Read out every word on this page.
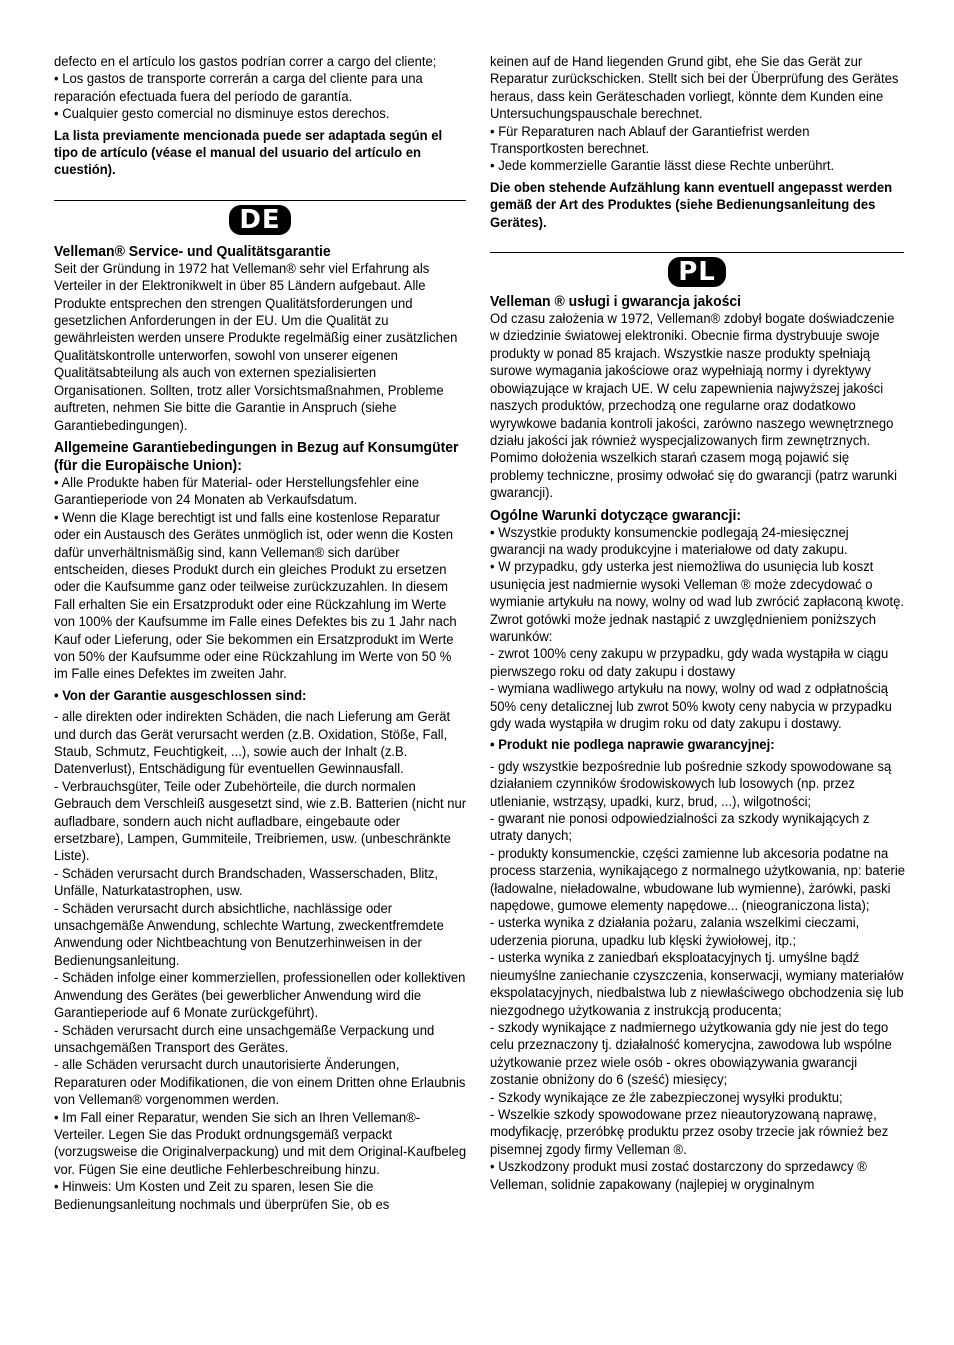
defecto en el artículo los gastos podrían correr a cargo del cliente;

• Los gastos de transporte correrán a carga del cliente para una reparación efectuada fuera del período de garantía.

• Cualquier gesto comercial no disminuye estos derechos.

La lista previamente mencionada puede ser adaptada según el tipo de artículo (véase el manual del usuario del artículo en cuestión).

DE

Velleman® Service- und Qualitätsgarantie

Seit der Gründung in 1972 hat Velleman® sehr viel Erfahrung als Verteiler in der Elektronikwelt in über 85 Ländern aufgebaut. Alle Produkte entsprechen den strengen Qualitätsforderungen und gesetzlichen Anforderungen in der EU. Um die Qualität zu gewährleisten werden unsere Produkte regelmäßig einer zusätzlichen Qualitätskontrolle unterworfen, sowohl von unserer eigenen Qualitätsabteilung als auch von externen spezialisierten Organisationen. Sollten, trotz aller Vorsichtsmaßnahmen, Probleme auftreten, nehmen Sie bitte die Garantie in Anspruch (siehe Garantiebedingungen).

Allgemeine Garantiebedingungen in Bezug auf Konsumgüter (für die Europäische Union):

• Alle Produkte haben für Material- oder Herstellungsfehler eine Garantieperiode von 24 Monaten ab Verkaufsdatum.

• Wenn die Klage berechtigt ist und falls eine kostenlose Reparatur oder ein Austausch des Gerätes unmöglich ist, oder wenn die Kosten dafür unverhältnismäßig sind, kann Velleman® sich darüber entscheiden, dieses Produkt durch ein gleiches Produkt zu ersetzen oder die Kaufsumme ganz oder teilweise zurückzuzahlen. In diesem Fall erhalten Sie ein Ersatzprodukt oder eine Rückzahlung im Werte von 100% der Kaufsumme im Falle eines Defektes bis zu 1 Jahr nach Kauf oder Lieferung, oder Sie bekommen ein Ersatzprodukt im Werte von 50% der Kaufsumme oder eine Rückzahlung im Werte von 50 % im Falle eines Defektes im zweiten Jahr.

• Von der Garantie ausgeschlossen sind:

- alle direkten oder indirekten Schäden, die nach Lieferung am Gerät und durch das Gerät verursacht werden (z.B. Oxidation, Stöße, Fall, Staub, Schmutz, Feuchtigkeit, ...), sowie auch der Inhalt (z.B. Datenverlust), Entschädigung für eventuellen Gewinnausfall.

- Verbrauchsgüter, Teile oder Zubehörteile, die durch normalen Gebrauch dem Verschleiß ausgesetzt sind, wie z.B. Batterien (nicht nur aufladbare, sondern auch nicht aufladbare, eingebaute oder ersetzbare), Lampen, Gummiteile, Treibriemen, usw. (unbeschränkte Liste).

- Schäden verursacht durch Brandschaden, Wasserschaden, Blitz, Unfälle, Naturkatastrophen, usw.

- Schäden verursacht durch absichtliche, nachlässige oder unsachgemäße Anwendung, schlechte Wartung, zweckentfremdete Anwendung oder Nichtbeachtung von Benutzerhinweisen in der Bedienungsanleitung.

- Schäden infolge einer kommerziellen, professionellen oder kollektiven Anwendung des Gerätes (bei gewerblicher Anwendung wird die Garantieperiode auf 6 Monate zurückgeführt).

- Schäden verursacht durch eine unsachgemäße Verpackung und unsachgemäßen Transport des Gerätes.

- alle Schäden verursacht durch unautorisierte Änderungen, Reparaturen oder Modifikationen, die von einem Dritten ohne Erlaubnis von Velleman® vorgenommen werden.

• Im Fall einer Reparatur, wenden Sie sich an Ihren Velleman®-Verteiler. Legen Sie das Produkt ordnungsgemäß verpackt (vorzugsweise die Originalverpackung) und mit dem Original-Kaufbeleg vor. Fügen Sie eine deutliche Fehlerbeschreibung hinzu.

• Hinweis: Um Kosten und Zeit zu sparen, lesen Sie die Bedienungsanleitung nochmals und überprüfen Sie, ob es

keinen auf de Hand liegenden Grund gibt, ehe Sie das Gerät zur Reparatur zurückschicken. Stellt sich bei der Überprüfung des Gerätes heraus, dass kein Geräteschaden vorliegt, könnte dem Kunden eine Untersuchungspauschale berechnet.

• Für Reparaturen nach Ablauf der Garantiefrist werden Transportkosten berechnet.

• Jede kommerzielle Garantie lässt diese Rechte unberührt.

Die oben stehende Aufzählung kann eventuell angepasst werden gemäß der Art des Produktes (siehe Bedienungsanleitung des Gerätes).

PL

Velleman ® usługi i gwarancja jakości

Od czasu założenia w 1972, Velleman® zdobył bogate doświadczenie w dziedzinie światowej elektroniki. Obecnie firma dystrybuuje swoje produkty w ponad 85 krajach. Wszystkie nasze produkty spełniają surowe wymagania jakościowe oraz wypełniają normy i dyrektywy obowiązujące w krajach UE. W celu zapewnienia najwyższej jakości naszych produktów, przechodzą one regularne oraz dodatkowo wyrywkowe badania kontroli jakości, zarówno naszego wewnętrznego działu jakości jak również wyspecjalizowanych firm zewnętrznych. Pomimo dołożenia wszelkich starań czasem mogą pojawić się problemy techniczne, prosimy odwołać się do gwarancji (patrz warunki gwarancji).

Ogólne Warunki dotyczące gwarancji:

• Wszystkie produkty konsumenckie podlegają 24-miesięcznej gwarancji na wady produkcyjne i materiałowe od daty zakupu.

• W przypadku, gdy usterka jest niemożliwa do usunięcia lub koszt usunięcia jest nadmiernie wysoki Velleman ® może zdecydować o wymianie artykułu na nowy, wolny od wad lub zwrócić zapłaconą kwotę. Zwrot gotówki może jednak nastąpić z uwzględnieniem poniższych warunków:

- zwrot 100% ceny zakupu w przypadku, gdy wada wystąpiła w ciągu pierwszego roku od daty zakupu i dostawy

- wymiana wadliwego artykułu na nowy, wolny od wad z odpłatnością 50% ceny detalicznej lub zwrot 50% kwoty ceny nabycia w przypadku gdy wada wystąpiła w drugim roku od daty zakupu i dostawy.

• Produkt nie podlega naprawie gwarancyjnej:

- gdy wszystkie bezpośrednie lub pośrednie szkody spowodowane są działaniem czynników środowiskowych lub losowych (np. przez utlenianie, wstrząsy, upadki, kurz, brud, ...), wilgotności;

- gwarant nie ponosi odpowiedzialności za szkody wynikających z utraty danych;

- produkty konsumenckie, części zamienne lub akcesoria podatne na process starzenia, wynikającego z normalnego użytkowania, np: baterie (ładowalne, nieładowalne, wbudowane lub wymienne), żarówki, paski napędowe, gumowe elementy napędowe... (nieograniczona lista);

- usterka wynika z działania pożaru, zalania wszelkimi cieczami, uderzenia pioruna, upadku lub klęski żywiołowej, itp.;

- usterka wynika z zaniedbań eksploatacyjnych tj. umyślne bądź nieumyślne zaniechanie czyszczenia, konserwacji, wymiany materiałów ekspolatacyjnych, niedbalstwa lub z niewłaściwego obchodzenia się lub niezgodnego użytkowania z instrukcją producenta;

- szkody wynikające z nadmiernego użytkowania gdy nie jest do tego celu przeznaczony tj. działalność komerycjna, zawodowa lub wspólne użytkowanie przez wiele osób - okres obowiązywania gwarancji zostanie obniżony do 6 (sześć) miesięcy;

- Szkody wynikające ze źle zabezpieczonej wysyłki produktu;

- Wszelkie szkody spowodowane przez nieautoryzowaną naprawę, modyfikację, przeróbkę produktu przez osoby trzecie jak również bez pisemnej zgody firmy Velleman ®.

• Uszkodzony produkt musi zostać dostarczony do sprzedawcy ® Velleman, solidnie zapakowany (najlepiej w oryginalnym
